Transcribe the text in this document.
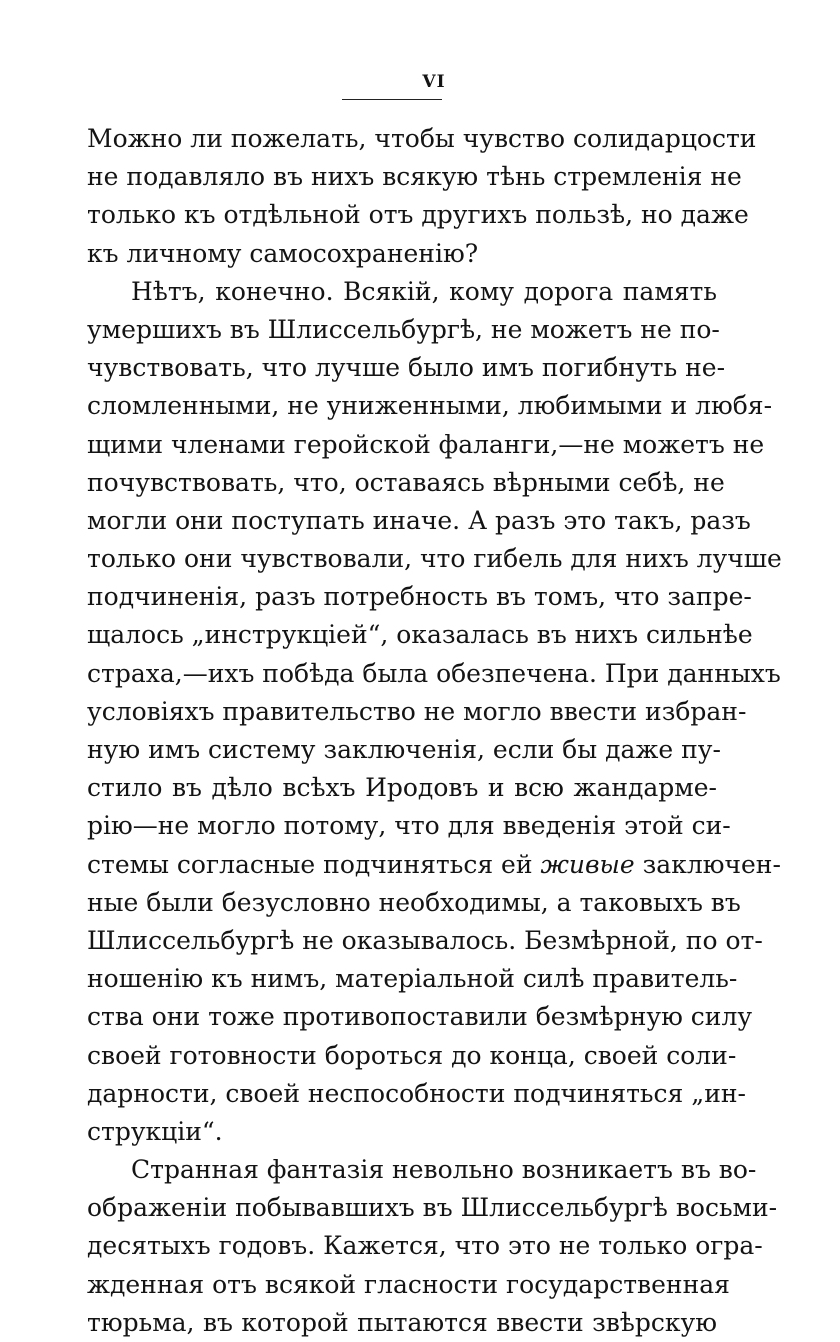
VI
Можно ли пожелать, чтобы чувство солидарцости
не подавляло въ нихъ всякую тѣнь стремленія не
только къ отдѣльной отъ другихъ пользѣ, но даже
къ личному самосохраненію?
Нѣтъ, конечно. Всякій, кому дорога память
умершихъ въ Шлиссельбургѣ, не можетъ не по-
чувствовать, что лучше было имъ погибнуть не-
сломленными, не униженными, любимыми и любя-
щими членами геройской фаланги,—не можетъ не
почувствовать, что, оставаясь вѣрными себѣ, не
могли они поступать иначе. А разъ это такъ, разъ
только они чувствовали, что гибель для нихъ лучше
подчиненія, разъ потребность въ томъ, что запре-
щалось „инструкціей“, оказалась въ нихъ сильнѣе
страха,—ихъ побѣда была обезпечена. При данныхъ
условіяхъ правительство не могло ввести избран-
ную имъ систему заключенія, если бы даже пу-
стило въ дѣло всѣхъ Иродовъ и всю жандарме-
рію—не могло потому, что для введенія этой си-
стемы согласные подчиняться ей живые заключен-
ные были безусловно необходимы, а таковыхъ въ
Шлиссельбургѣ не оказывалось. Безмѣрной, по от-
ношенію къ нимъ, матеріальной силѣ правитель-
ства они тоже противопоставили безмѣрную силу
своей готовности бороться до конца, своей соли-
дарности, своей неспособности подчиняться „ин-
струкціи“.
Странная фантазія невольно возникаетъ въ во-
ображеніи побывавшихъ въ Шлиссельбургѣ восьми-
десятыхъ годовъ. Кажется, что это не только огра-
жденная отъ всякой гласности государственная
тюрьма, въ которой пытаются ввести звѣрскую
